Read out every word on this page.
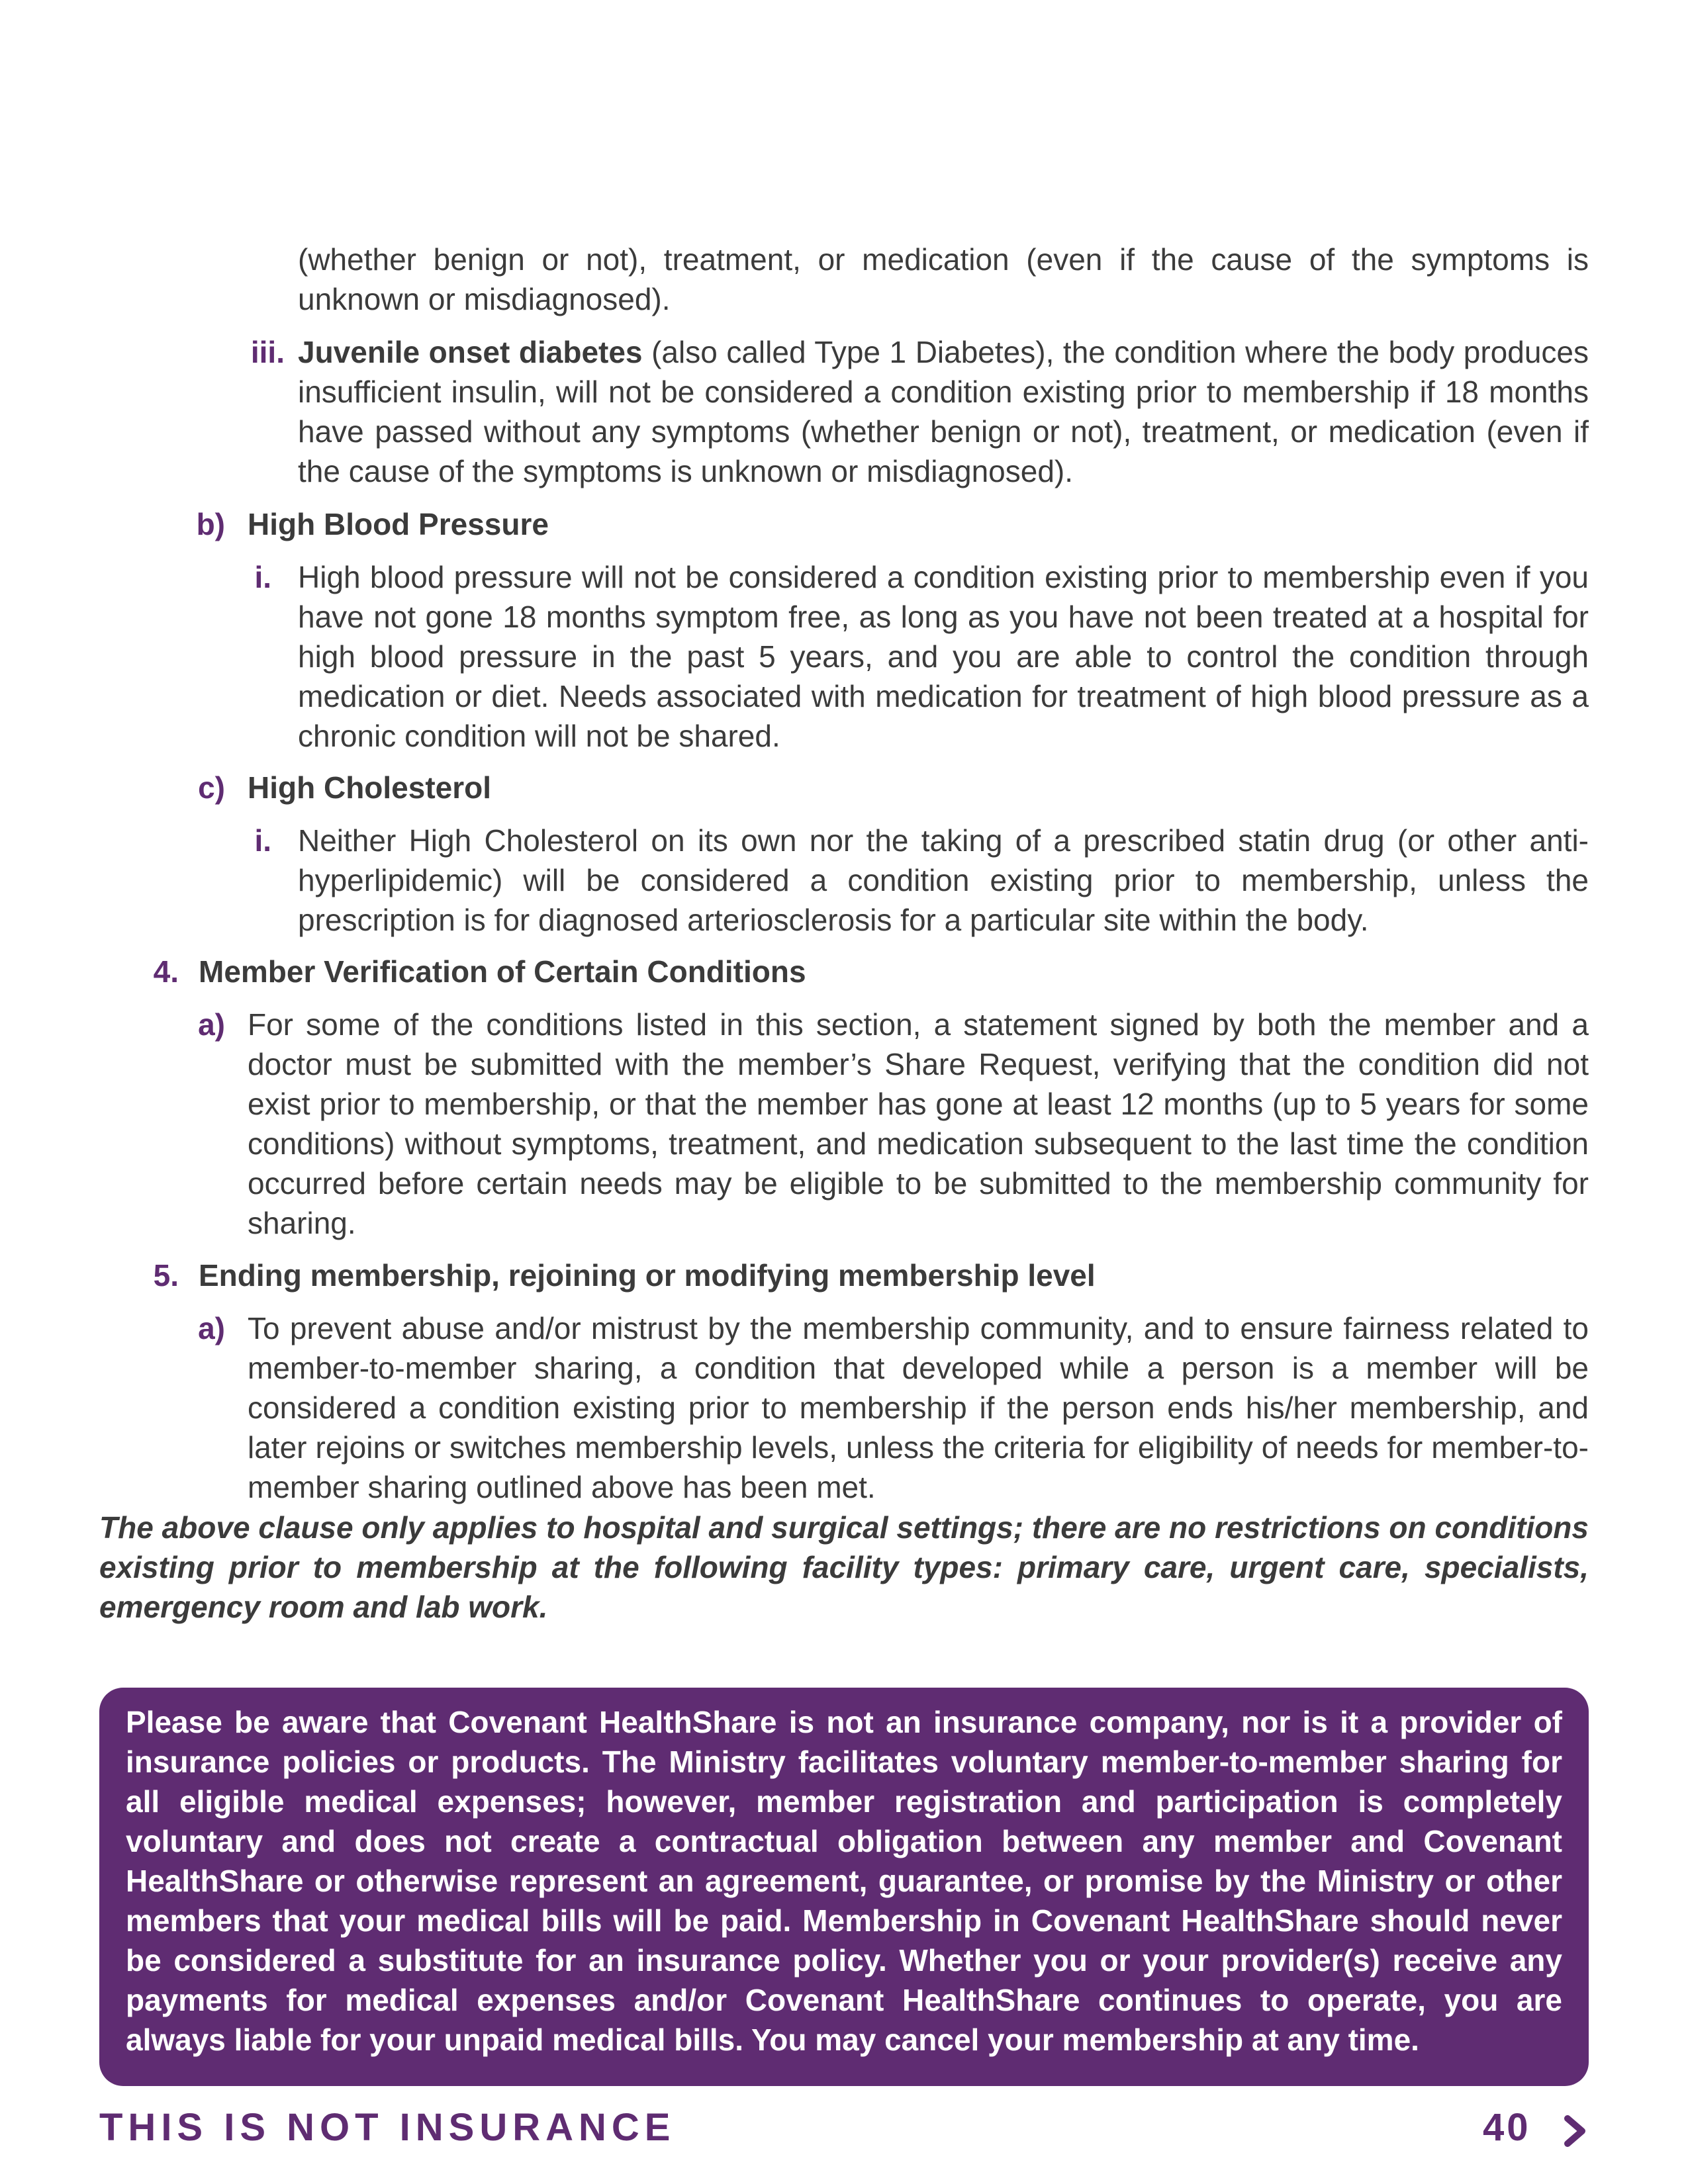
(whether benign or not), treatment, or medication (even if the cause of the symptoms is unknown or misdiagnosed).
iii. Juvenile onset diabetes (also called Type 1 Diabetes), the condition where the body produces insufficient insulin, will not be considered a condition existing prior to membership if 18 months have passed without any symptoms (whether benign or not), treatment, or medication (even if the cause of the symptoms is unknown or misdiagnosed).
b) High Blood Pressure
i. High blood pressure will not be considered a condition existing prior to membership even if you have not gone 18 months symptom free, as long as you have not been treated at a hospital for high blood pressure in the past 5 years, and you are able to control the condition through medication or diet. Needs associated with medication for treatment of high blood pressure as a chronic condition will not be shared.
c) High Cholesterol
i. Neither High Cholesterol on its own nor the taking of a prescribed statin drug (or other anti-hyperlipidemic) will be considered a condition existing prior to membership, unless the prescription is for diagnosed arteriosclerosis for a particular site within the body.
4. Member Verification of Certain Conditions
a) For some of the conditions listed in this section, a statement signed by both the member and a doctor must be submitted with the member’s Share Request, verifying that the condition did not exist prior to membership, or that the member has gone at least 12 months (up to 5 years for some conditions) without symptoms, treatment, and medication subsequent to the last time the condition occurred before certain needs may be eligible to be submitted to the membership community for sharing.
5. Ending membership, rejoining or modifying membership level
a) To prevent abuse and/or mistrust by the membership community, and to ensure fairness related to member-to-member sharing, a condition that developed while a person is a member will be considered a condition existing prior to membership if the person ends his/her membership, and later rejoins or switches membership levels, unless the criteria for eligibility of needs for member-to-member sharing outlined above has been met.
The above clause only applies to hospital and surgical settings; there are no restrictions on conditions existing prior to membership at the following facility types: primary care, urgent care, specialists, emergency room and lab work.
Please be aware that Covenant HealthShare is not an insurance company, nor is it a provider of insurance policies or products. The Ministry facilitates voluntary member-to-member sharing for all eligible medical expenses; however, member registration and participation is completely voluntary and does not create a contractual obligation between any member and Covenant HealthShare or otherwise represent an agreement, guarantee, or promise by the Ministry or other members that your medical bills will be paid. Membership in Covenant HealthShare should never be considered a substitute for an insurance policy. Whether you or your provider(s) receive any payments for medical expenses and/or Covenant HealthShare continues to operate, you are always liable for your unpaid medical bills. You may cancel your membership at any time.
THIS IS NOT INSURANCE	40
